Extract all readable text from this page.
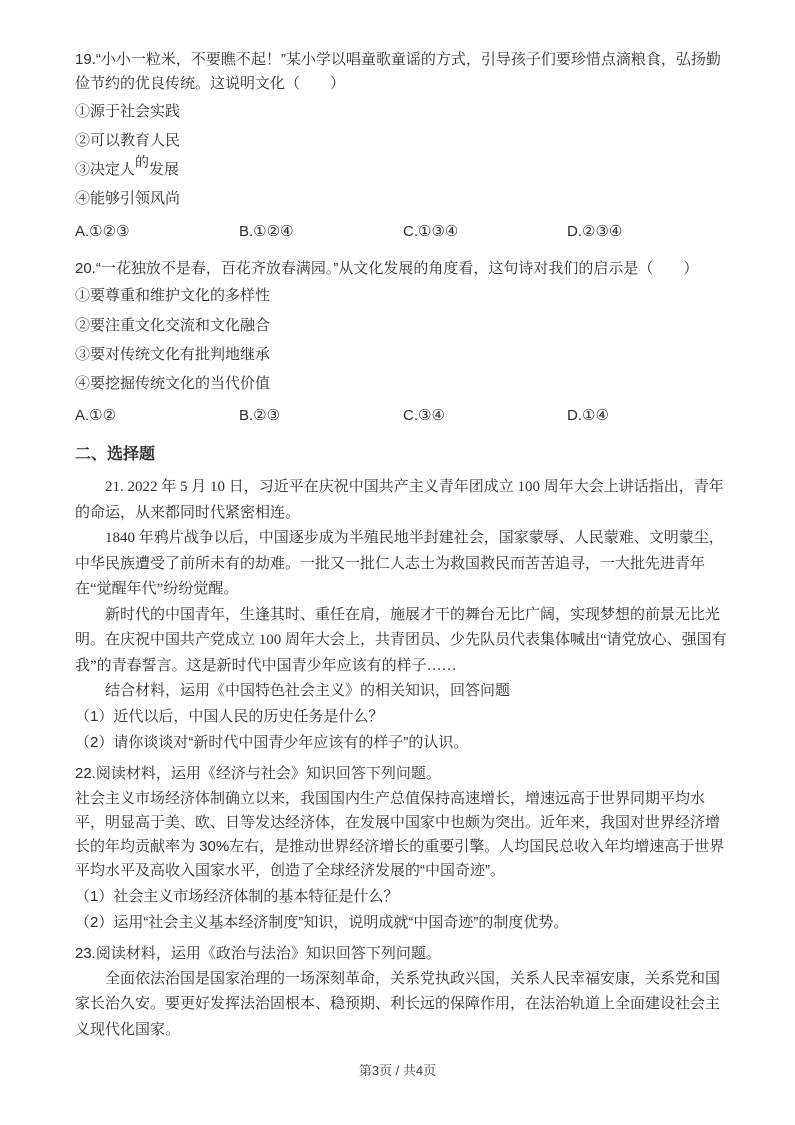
19.“小小一粒米，不要瞧不起！”某小学以唱童歌童谣的方式，引导孩子们要珍惜点滴粮食，弘扬勤俭节约的优良传统。这说明文化（　　）
①源于社会实践
②可以教育人民
③决定人的发展
④能够引领风尚
A.①②③	B.①②④	C.①③④	D.②③④
20.“一花独放不是春，百花齐放春满园。”从文化发展的角度看，这句诗对我们的启示是（　　）
①要尊重和维护文化的多样性
②要注重文化交流和文化融合
③要对传统文化有批判地继承
④要挖掘传统文化的当代价值
A.①②	B.②③	C.③④	D.①④
二、选择题
21. 2022 年 5 月 10 日，习近平在庆祝中国共产主义青年团成立 100 周年大会上讲话指出，青年的命运，从来都同时代紧密相连。
1840 年鸦片战争以后，中国逐步成为半殖民地半封建社会，国家蒙辱、人民蒙难、文明蒙尘，中华民族遭受了前所未有的劫难。一批又一批仁人志士为救国救民而苦苦追寻，一大批先进青年在“觉醒年代”纷纷觉醒。
新时代的中国青年，生逢其时、重任在肩，施展才干的舞台无比广阔，实现梦想的前景无比光明。在庆祝中国共产党成立 100 周年大会上，共青团员、少先队员代表集体喊出“请党放心、强国有我”的青春誓言。这是新时代中国青少年应该有的样子……
结合材料，运用《中国特色社会主义》的相关知识，回答问题
（1）近代以后，中国人民的历史任务是什么？
（2）请你谈谈对“新时代中国青少年应该有的样子”的认识。
22.阅读材料，运用《经济与社会》知识回答下列问题。
社会主义市场经济体制确立以来，我国国内生产总值保持高速增长，增速远高于世界同期平均水平，明显高于美、欧、日等发达经济体，在发展中国家中也颇为突出。近年来，我国对世界经济增长的年均贡献率为 30%左右，是推动世界经济增长的重要引擎。人均国民总收入年均增速高于世界平均水平及高收入国家水平，创造了全球经济发展的“中国奇迹”。
（1）社会主义市场经济体制的基本特征是什么？
（2）运用“社会主义基本经济制度”知识，说明成就“中国奇迹”的制度优势。
23.阅读材料，运用《政治与法治》知识回答下列问题。
全面依法治国是国家治理的一场深刻革命，关系党执政兴国，关系人民幸福安康，关系党和国家长治久安。要更好发挥法治固根本、稳预期、利长远的保障作用，在法治轨道上全面建设社会主义现代化国家。
第3页 / 共4页
